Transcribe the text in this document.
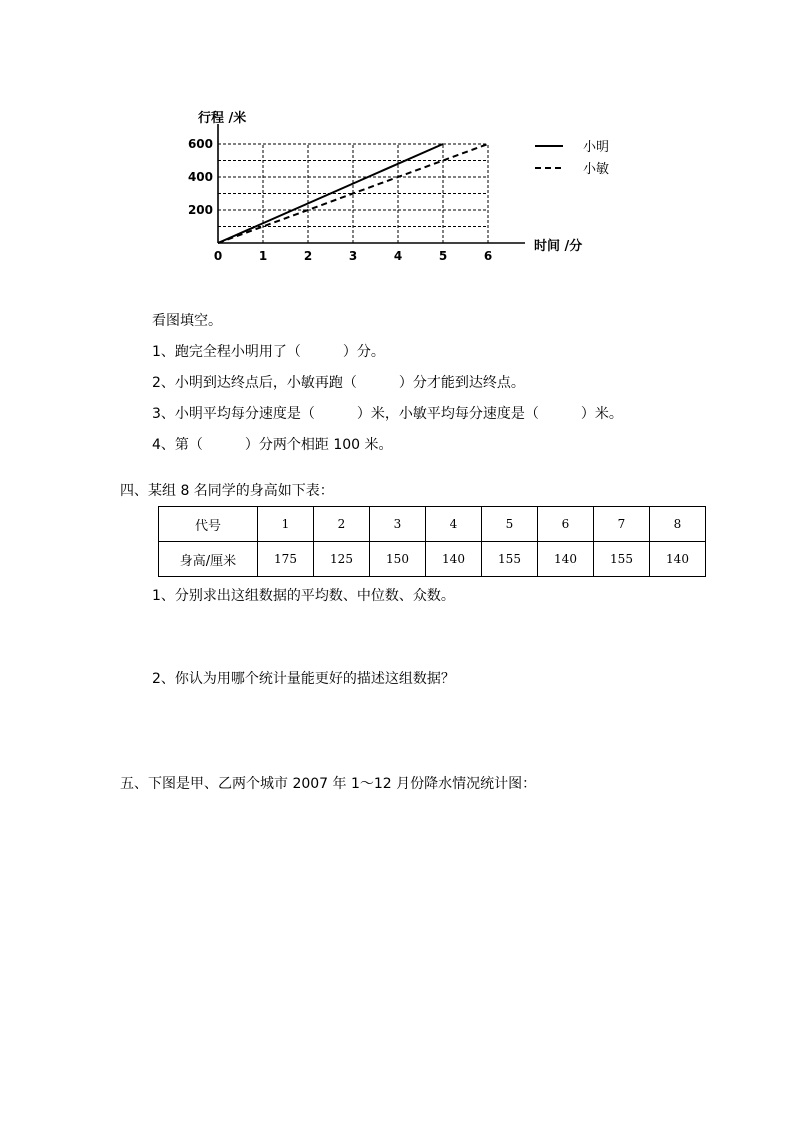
行程 /米
时间 /分
0	1	2	3	4	5	6
200
400
600	小明
小敏
看图填空。
1、跑完全程小明用了（　　　）分。
2、小明到达终点后，小敏再跑（　　　）分才能到达终点。
3、小明平均每分速度是（　　　）米，小敏平均每分速度是（　　　）米。
4、第（　　　）分两个相距 100 米。
四、某组 8 名同学的身高如下表：
代号	1	2	3	4	5	6	7	8
身高/厘米	175	125	150	140	155	140	155	140
1、分别求出这组数据的平均数、中位数、众数。
2、你认为用哪个统计量能更好的描述这组数据？
五、下图是甲、乙两个城市 2007 年 1～12 月份降水情况统计图：
